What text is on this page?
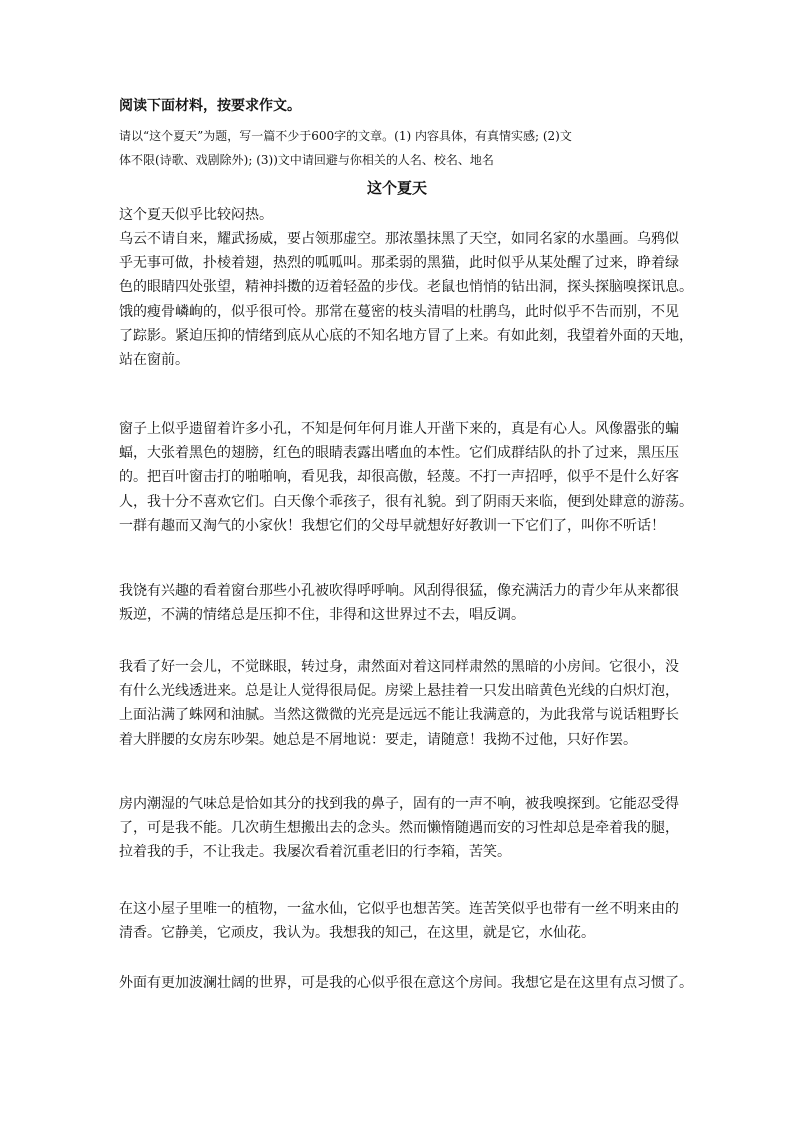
阅读下面材料，按要求作文。
请以“这个夏天”为题，写一篇不少于600字的文章。(1) 内容具体，有真情实感; (2)文
体不限(诗歌、戏剧除外); (3))文中请回避与你相关的人名、校名、地名
这个夏天
这个夏天似乎比较闷热。
乌云不请自来，耀武扬威，要占领那虚空。那浓墨抹黑了天空，如同名家的水墨画。乌鸦似
乎无事可做，扑棱着翅，热烈的呱呱叫。那柔弱的黑猫，此时似乎从某处醒了过来，睁着绿
色的眼睛四处张望，精神抖擞的迈着轻盈的步伐。老鼠也悄悄的钻出洞，探头探脑嗅探讯息。
饿的瘦骨嶙峋的，似乎很可怜。那常在蔓密的枝头清唱的杜鹃鸟，此时似乎不告而别，不见
了踪影。紧迫压抑的情绪到底从心底的不知名地方冒了上来。有如此刻，我望着外面的天地，
站在窗前。
窗子上似乎遗留着许多小孔，不知是何年何月谁人开凿下来的，真是有心人。风像嚣张的蝙
蝠，大张着黑色的翅膀，红色的眼睛表露出嗜血的本性。它们成群结队的扑了过来，黑压压
的。把百叶窗击打的啪啪响，看见我，却很高傲，轻蔑。不打一声招呼，似乎不是什么好客
人，我十分不喜欢它们。白天像个乖孩子，很有礼貌。到了阴雨天来临，便到处肆意的游荡。
一群有趣而又淘气的小家伙！我想它们的父母早就想好好教训一下它们了，叫你不听话！
我饶有兴趣的看着窗台那些小孔被吹得呼呼响。风刮得很猛，像充满活力的青少年从来都很
叛逆，不满的情绪总是压抑不住，非得和这世界过不去，唱反调。
我看了好一会儿，不觉眯眼，转过身，肃然面对着这同样肃然的黑暗的小房间。它很小，没
有什么光线透进来。总是让人觉得很局促。房梁上悬挂着一只发出暗黄色光线的白炽灯泡，
上面沾满了蛛网和油腻。当然这微微的光亮是远远不能让我满意的，为此我常与说话粗野长
着大胖腰的女房东吵架。她总是不屑地说：要走，请随意！我拗不过他，只好作罢。
房内潮湿的气味总是恰如其分的找到我的鼻子，固有的一声不响，被我嗅探到。它能忍受得
了，可是我不能。几次萌生想搬出去的念头。然而懒惰随遇而安的习性却总是牵着我的腿，
拉着我的手，不让我走。我屡次看着沉重老旧的行李箱，苦笑。
在这小屋子里唯一的植物，一盆水仙，它似乎也想苦笑。连苦笑似乎也带有一丝不明来由的
清香。它静美，它顽皮，我认为。我想我的知己，在这里，就是它，水仙花。
外面有更加波澜壮阔的世界，可是我的心似乎很在意这个房间。我想它是在这里有点习惯了。
